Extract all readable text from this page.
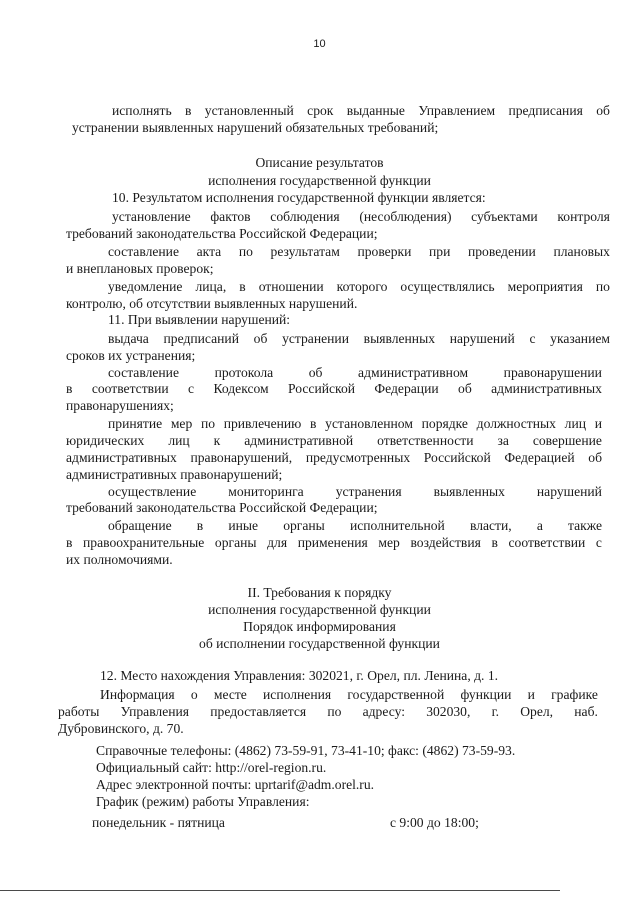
10
исполнять в установленный срок выданные Управлением предписания об
устранении выявленных нарушений обязательных требований;
Описание результатов
исполнения государственной функции
10. Результатом исполнения государственной функции является:
установление фактов соблюдения (несоблюдения) субъектами контроля
требований законодательства Российской Федерации;
составление акта по результатам проверки при проведении плановых
и внеплановых проверок;
уведомление лица, в отношении которого осуществлялись мероприятия по
контролю, об отсутствии выявленных нарушений.
11. При выявлении нарушений:
выдача предписаний об устранении выявленных нарушений с указанием
сроков их устранения;
составление	протокола	об	административном	правонарушении
в соответствии с Кодексом Российской Федерации об административных
правонарушениях;
принятие мер по привлечению в установленном порядке должностных лиц и
юридических лиц к административной ответственности за совершение
административных правонарушений, предусмотренных Российской Федерацией об
административных правонарушений;
осуществление мониторинга устранения выявленных нарушений
требований законодательства Российской Федерации;
обращение в иные органы исполнительной власти, а также
в правоохранительные органы для применения мер воздействия в соответствии с
их полномочиями.
II. Требования к порядку
исполнения государственной функции
Порядок информирования
об исполнении государственной функции
12. Место нахождения Управления: 302021, г. Орел, пл. Ленина, д. 1.
Информация о месте исполнения государственной функции и графике
работы Управления предоставляется по адресу: 302030, г. Орел, наб.
Дубровинского, д. 70.
Справочные телефоны: (4862) 73-59-91, 73-41-10; факс: (4862) 73-59-93.
Официальный сайт: http://orel-region.ru.
Адрес электронной почты: uprtarif@adm.orel.ru.
График (режим) работы Управления:
понедельник - пятница	с 9:00 до 18:00;
